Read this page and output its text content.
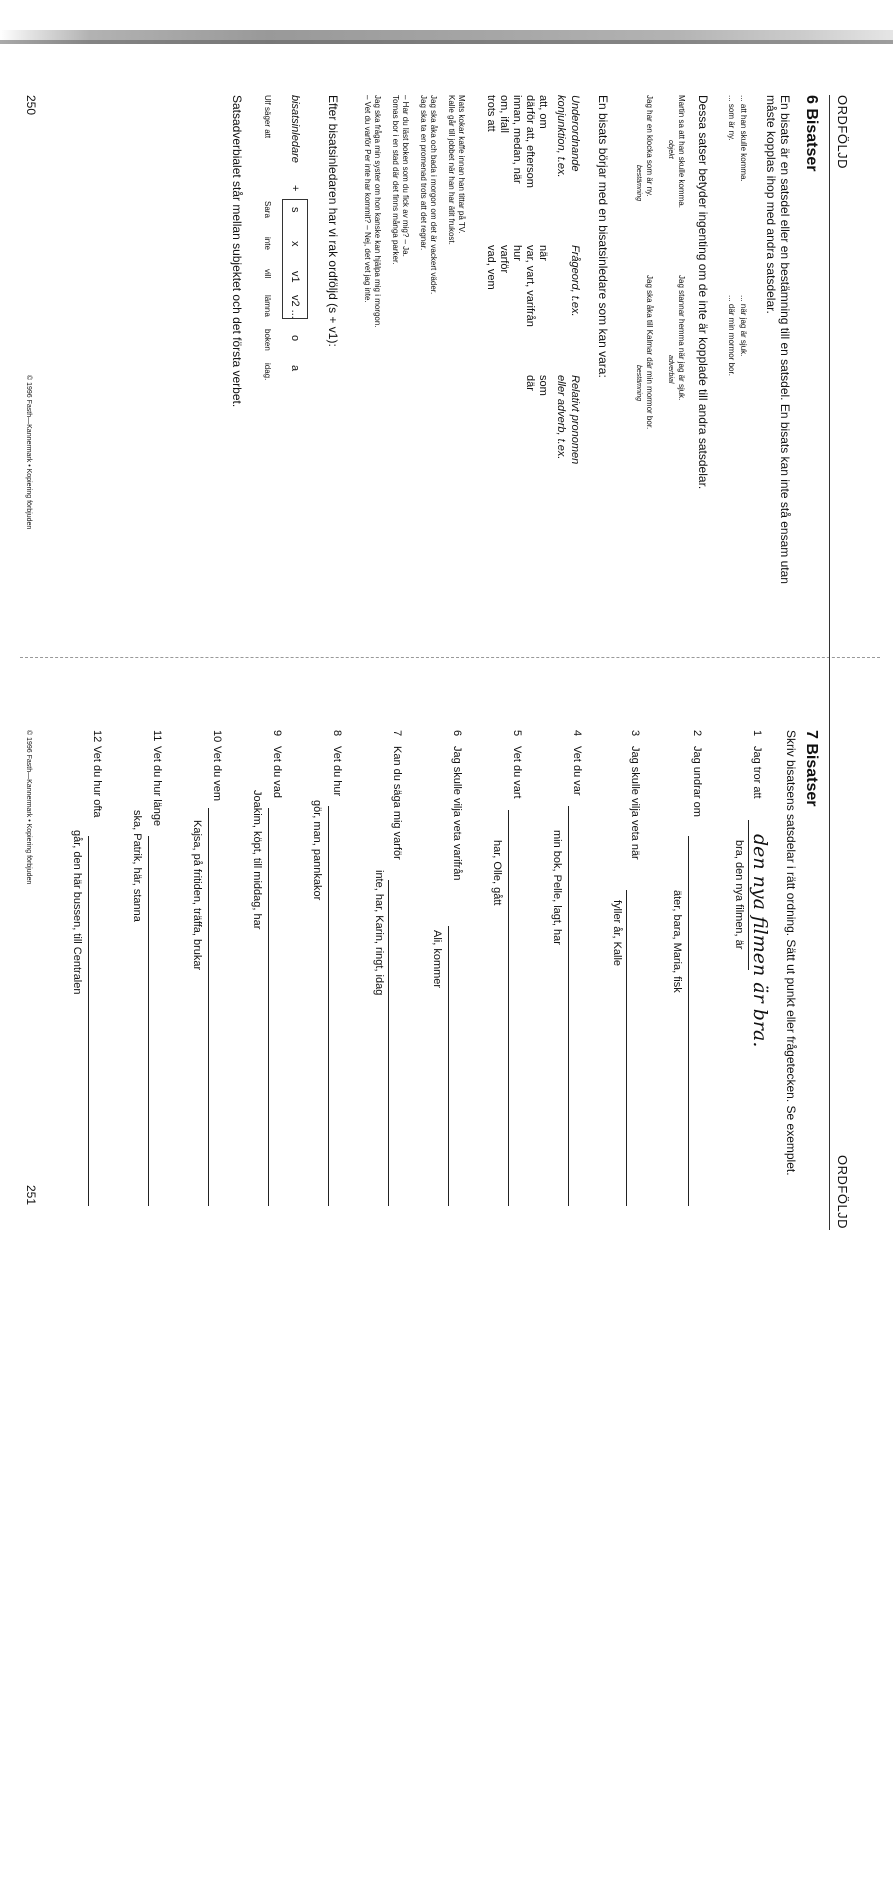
ORDFÖLJD
6 Bisatser
En bisats är en satsdel eller en bestämning till en satsdel. En bisats kan inte stå ensam utan
måste kopplas ihop med andra satsdelar.
... att han skulle komma.
... som är ny.
... när jag är sjuk.
... där min mormor bor.
Dessa satser betyder ingenting om de inte är kopplade till andra satsdelar.
Martin sa att han skulle komma.
objekt
Jag har en klocka som är ny.
bestämning
Jag stannar hemma när jag är sjuk.
adverbial
Jag ska åka till Kalmar där min mormor bor.
bestämning
En bisats börjar med en bisatsinledare som kan vara:
Underordnande
konjunktion, t.ex.
att, om
därför att, eftersom
innan, medan, när
om, ifall
trots att
Frågeord, t.ex.
när
var, vart, varifrån
hur
varför
vad, vem
Relativt pronomen
eller adverb, t.ex.
som
där
Mats kokar kaffe innan han tittar på TV.
Kalle går till jobbet när han har ätit frukost.
Jag ska åka och bada i morgon om det är vackert väder.
Jag ska ta en promenad trots att det regnar.
– Har du läst boken som du fick av mig? – Ja.
Tomas bor i en stad där det finns många parker.
Jag ska fråga min syster om hon kanske kan hjälpa mig i morgon.
– Vet du varför Per inte har kommit? – Nej, det vet jag inte.
Efter bisatsinledaren har vi rak ordföljd (s + v1):
bisatsinledare
+
s
x
v1
v2 ...
o
a
Ulf säger att
Sara
inte
vill
lämna
boken
idag.
Satsadverbialet står mellan subjektet och det första verbet.
250
© 1996 Fasth—Kannermark • Kopiering förbjuden
ORDFÖLJD
7 Bisatser
Skriv bisatsens satsdelar i rätt ordning. Sätt ut punkt eller frågetecken. Se exemplet.
1
Jag tror att
den nya filmen är bra.
bra, den nya filmen, är
2
Jag undrar om
äter, bara, Maria, fisk
3
Jag skulle vilja veta när
fyller år, Kalle
4
Vet du var
min bok, Pelle, lagt, har
5
Vet du vart
har, Olle, gått
6
Jag skulle vilja veta varifrån
Ali, kommer
7
Kan du säga mig varför
inte, har, Karin, ringt, idag
8
Vet du hur
gör, man, pannkakor
9
Vet du vad
Joakim, köpt, till middag, har
10
Vet du vem
Kajsa, på fritiden, träffa, brukar
11
Vet du hur länge
ska, Patrik, här, stanna
12
Vet du hur ofta
går, den här bussen, till Centralen
251
© 1996 Fasth—Kannermark • Kopiering förbjuden
